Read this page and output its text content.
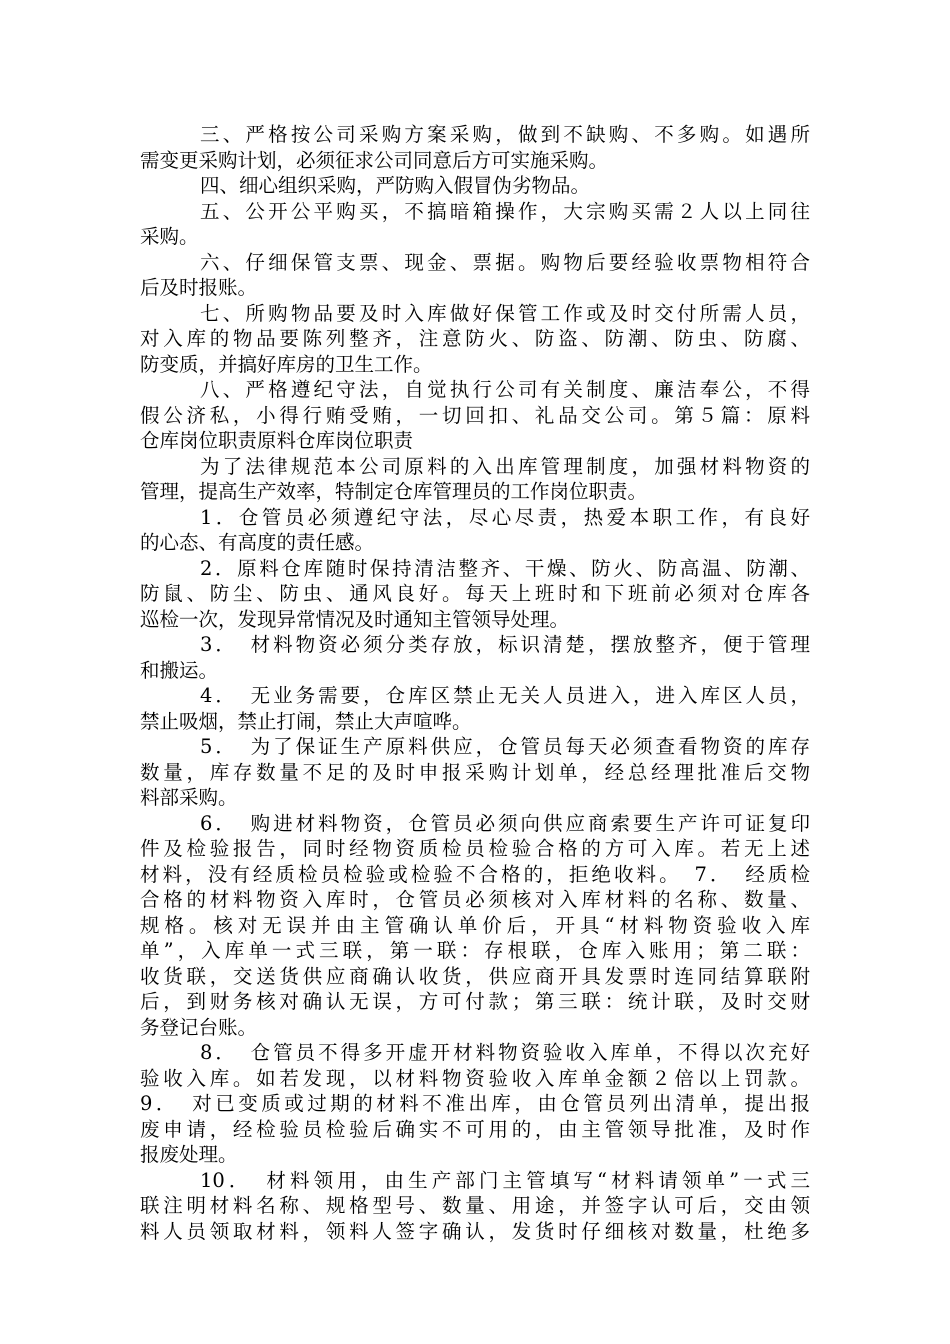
三、严格按公司采购方案采购，做到不缺购、不多购。如遇所
需变更采购计划，必须征求公司同意后方可实施采购。
四、细心组织采购，严防购入假冒伪劣物品。
五、公开公平购买，不搞暗箱操作，大宗购买需２人以上同往
采购。
六、仔细保管支票、现金、票据。购物后要经验收票物相符合
后及时报账。
七、所购物品要及时入库做好保管工作或及时交付所需人员，
对入库的物品要陈列整齐，注意防火、防盗、防潮、防虫、防腐、
防变质，并搞好库房的卫生工作。
八、严格遵纪守法，自觉执行公司有关制度、廉洁奉公，不得
假公济私，小得行贿受贿，一切回扣、礼品交公司。第５篇：原料
仓库岗位职责原料仓库岗位职责
为了法律规范本公司原料的入出库管理制度，加强材料物资的
管理，提高生产效率，特制定仓库管理员的工作岗位职责。
1．仓管员必须遵纪守法，尽心尽责，热爱本职工作，有良好
的心态、有高度的责任感。
2．原料仓库随时保持清洁整齐、干燥、防火、防高温、防潮、
防鼠、防尘、防虫、通风良好。每天上班时和下班前必须对仓库各
巡检一次，发现异常情况及时通知主管领导处理。
3．　材料物资必须分类存放，标识清楚，摆放整齐，便于管理
和搬运。
4．　无业务需要，仓库区禁止无关人员进入，进入库区人员，
禁止吸烟，禁止打闹，禁止大声喧哗。
5．　为了保证生产原料供应，仓管员每天必须查看物资的库存
数量，库存数量不足的及时申报采购计划单，经总经理批准后交物
料部采购。
6．　购进材料物资，仓管员必须向供应商索要生产许可证复印
件及检验报告，同时经物资质检员检验合格的方可入库。若无上述
材料，没有经质检员检验或检验不合格的，拒绝收料。　7．　经质检
合格的材料物资入库时，仓管员必须核对入库材料的名称、数量、
规格。核对无误并由主管确认单价后，开具“材料物资验收入库
单”，入库单一式三联，第一联：存根联，仓库入账用；第二联：
收货联，交送货供应商确认收货，供应商开具发票时连同结算联附
后，到财务核对确认无误，方可付款；第三联：统计联，及时交财
务登记台账。
8．　仓管员不得多开虚开材料物资验收入库单，不得以次充好
验收入库。如若发现，以材料物资验收入库单金额２倍以上罚款。
9．　对已变质或过期的材料不准出库，由仓管员列出清单，提出报
废申请，经检验员检验后确实不可用的，由主管领导批准，及时作
报废处理。
10．　材料领用，由生产部门主管填写“材料请领单”一式三
联注明材料名称、规格型号、数量、用途，并签字认可后，交由领
料人员领取材料，领料人签字确认，发货时仔细核对数量，杜绝多
